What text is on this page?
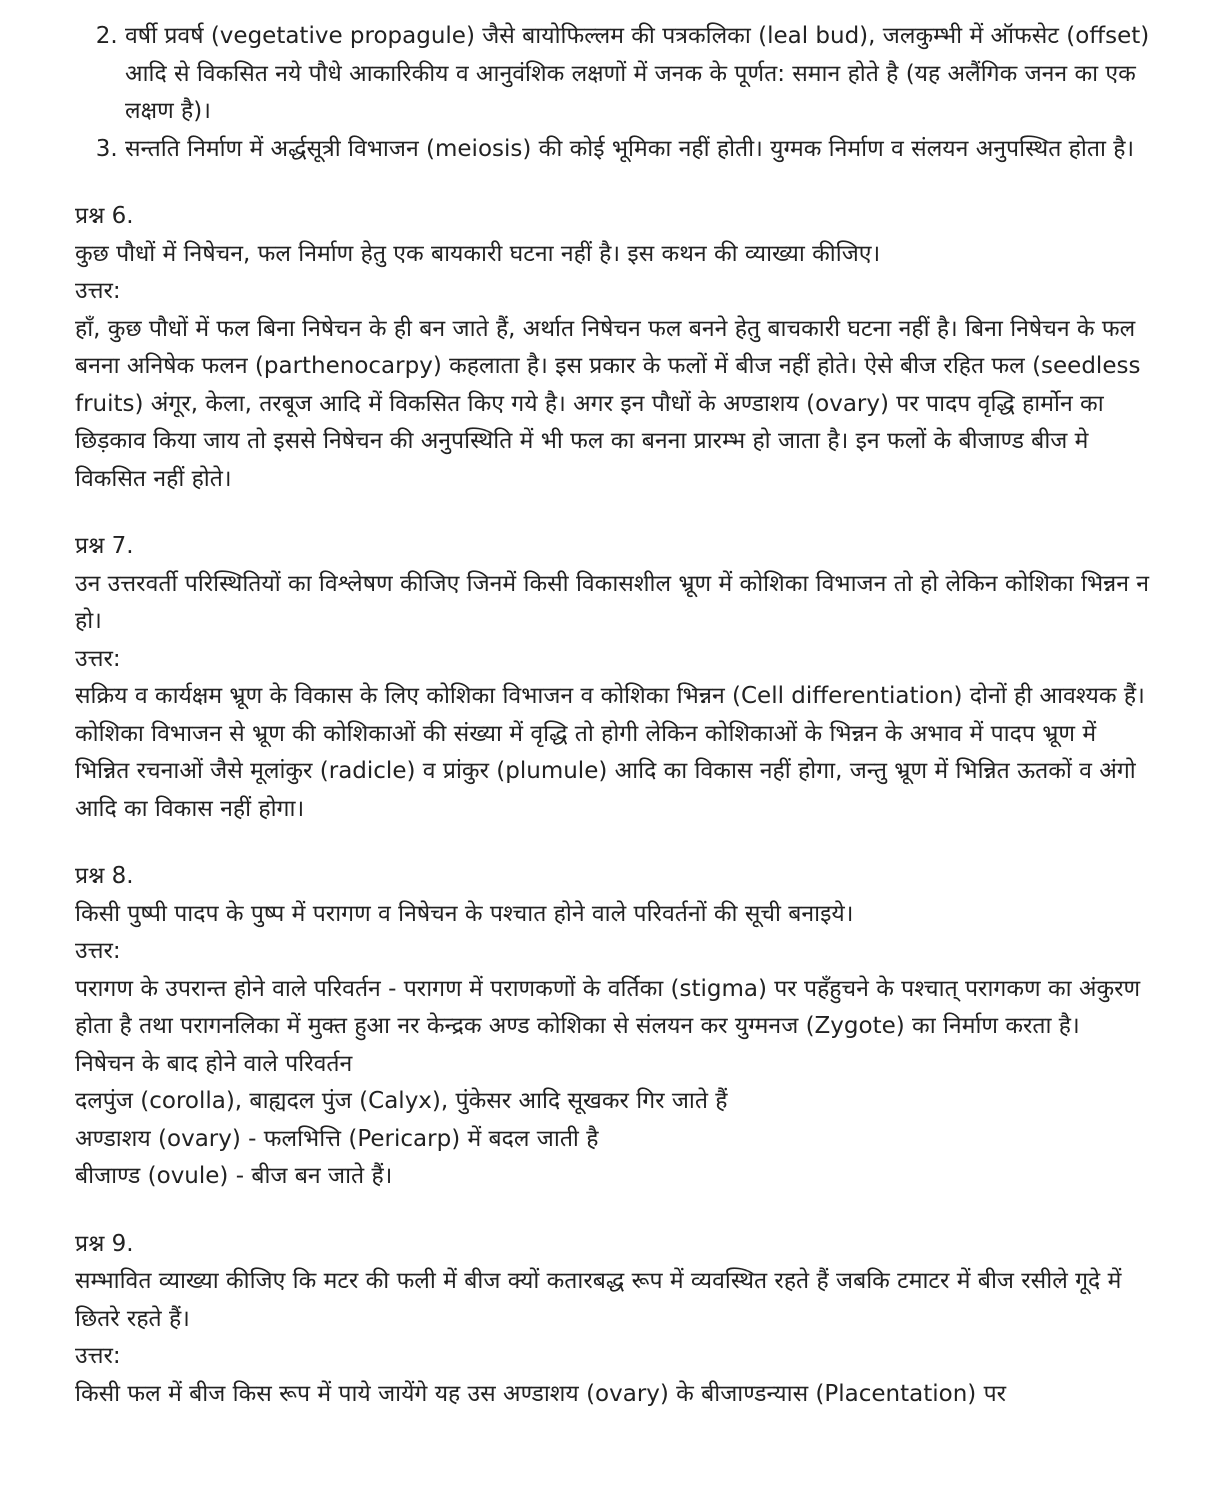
2. वर्षी प्रवर्ष (vegetative propagule) जैसे बायोफिल्लम की पत्रकलिका (leal bud), जलकुम्भी में ऑफसेट (offset) आदि से विकसित नये पौधे आकारिकीय व आनुवंशिक लक्षणों में जनक के पूर्णत: समान होते है (यह अलैंगिक जनन का एक लक्षण है)।
3. सन्तति निर्माण में अर्द्धसूत्री विभाजन (meiosis) की कोई भूमिका नहीं होती। युग्मक निर्माण व संलयन अनुपस्थित होता है।

प्रश्न 6.

कुछ पौधों में निषेचन, फल निर्माण हेतु एक बायकारी घटना नहीं है। इस कथन की व्याख्या कीजिए।

उत्तर:

हाँ, कुछ पौधों में फल बिना निषेचन के ही बन जाते हैं, अर्थात निषेचन फल बनने हेतु बाचकारी घटना नहीं है। बिना निषेचन के फल बनना अनिषेक फलन (parthenocarpy) कहलाता है। इस प्रकार के फलों में बीज नहीं होते। ऐसे बीज रहित फल (seedless fruits) अंगूर, केला, तरबूज आदि में विकसित किए गये है। अगर इन पौधों के अण्डाशय (ovary) पर पादप वृद्धि हार्मोन का छिड़काव किया जाय तो इससे निषेचन की अनुपस्थिति में भी फल का बनना प्रारम्भ हो जाता है। इन फलों के बीजाण्ड बीज मे विकसित नहीं होते।

प्रश्न 7.

उन उत्तरवर्ती परिस्थितियों का विश्लेषण कीजिए जिनमें किसी विकासशील भ्रूण में कोशिका विभाजन तो हो लेकिन कोशिका भिन्नन न हो।

उत्तर:

सक्रिय व कार्यक्षम भ्रूण के विकास के लिए कोशिका विभाजन व कोशिका भिन्नन (Cell differentiation) दोनों ही आवश्यक हैं। कोशिका विभाजन से भ्रूण की कोशिकाओं की संख्या में वृद्धि तो होगी लेकिन कोशिकाओं के भिन्नन के अभाव में पादप भ्रूण में भिन्नित रचनाओं जैसे मूलांकुर (radicle) व प्रांकुर (plumule) आदि का विकास नहीं होगा, जन्तु भ्रूण में भिन्नित ऊतकों व अंगो आदि का विकास नहीं होगा।

प्रश्न 8.

किसी पुष्पी पादप के पुष्प में परागण व निषेचन के पश्चात होने वाले परिवर्तनों की सूची बनाइये।

उत्तर:

परागण के उपरान्त होने वाले परिवर्तन - परागण में पराणकणों के वर्तिका (stigma) पर पहँहुचने के पश्चात् परागकण का अंकुरण होता है तथा परागनलिका में मुक्त हुआ नर केन्द्रक अण्ड कोशिका से संलयन कर युग्मनज (Zygote) का निर्माण करता है।

निषेचन के बाद होने वाले परिवर्तन

दलपुंज (corolla), बाह्यदल पुंज (Calyx), पुंकेसर आदि सूखकर गिर जाते हैं

अण्डाशय (ovary) - फलभित्ति (Pericarp) में बदल जाती है

बीजाण्ड (ovule) - बीज बन जाते हैं।

प्रश्न 9.

सम्भावित व्याख्या कीजिए कि मटर की फली में बीज क्यों कतारबद्ध रूप में व्यवस्थित रहते हैं जबकि टमाटर में बीज रसीले गूदे में छितरे रहते हैं।

उत्तर:

किसी फल में बीज किस रूप में पाये जायेंगे यह उस अण्डाशय (ovary) के बीजाण्डन्यास (Placentation) पर
